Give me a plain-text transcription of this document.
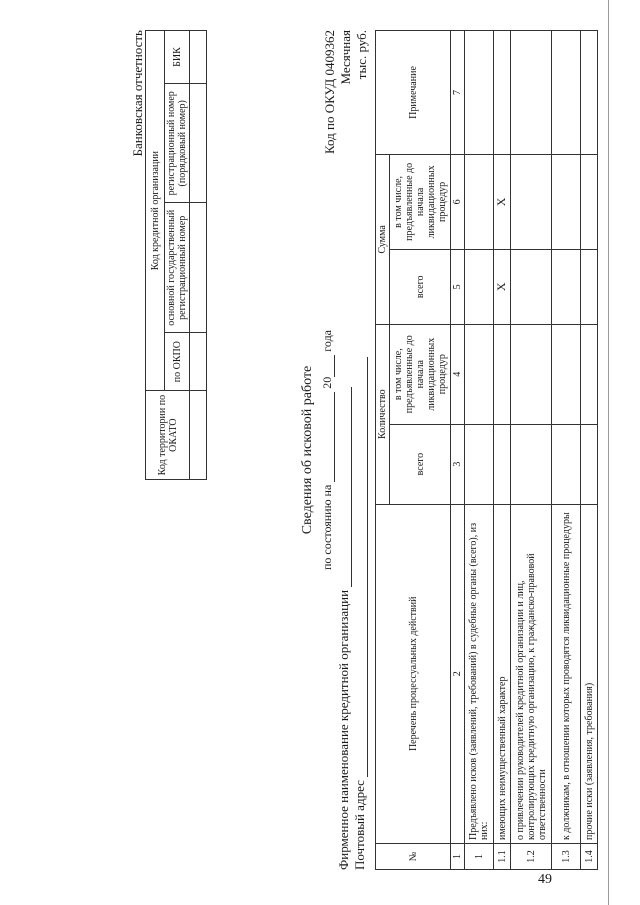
Банковская отчетность
Код территории по ОКАТО	Код кредитной организации			
	по ОКПО	основной государственный регистрационный номер	регистрационный номер (порядковый номер)	БИК

Сведения об исковой работе по состоянию на  20 года
Код по ОКУД 0409362 Месячная тыс. руб.
Фирменное наименование кредитной организации Почтовый адрес	№	Перечень процессуальных действий	Количество		Сумма		Примечание
		всего	в том числе, предъявленные до начала ликвидационных процедур	всего	в том числе, предъявленные до начала ликвидационных процедур	
1	2	3	4	5	6	7
1	Предъявлено исков (заявлений, требований) в судебные органы (всего), из них:					
1.1	имеющих неимущественный характер			X	X	
1.2	о привлечении руководителей кредитной организации и лиц, контролирующих кредитную организацию, к гражданско-правовой ответственности					
1.3	к должникам, в отношении которых проводятся ликвидационные процедуры					
1.4	прочие иски (заявления, требования)					
49
